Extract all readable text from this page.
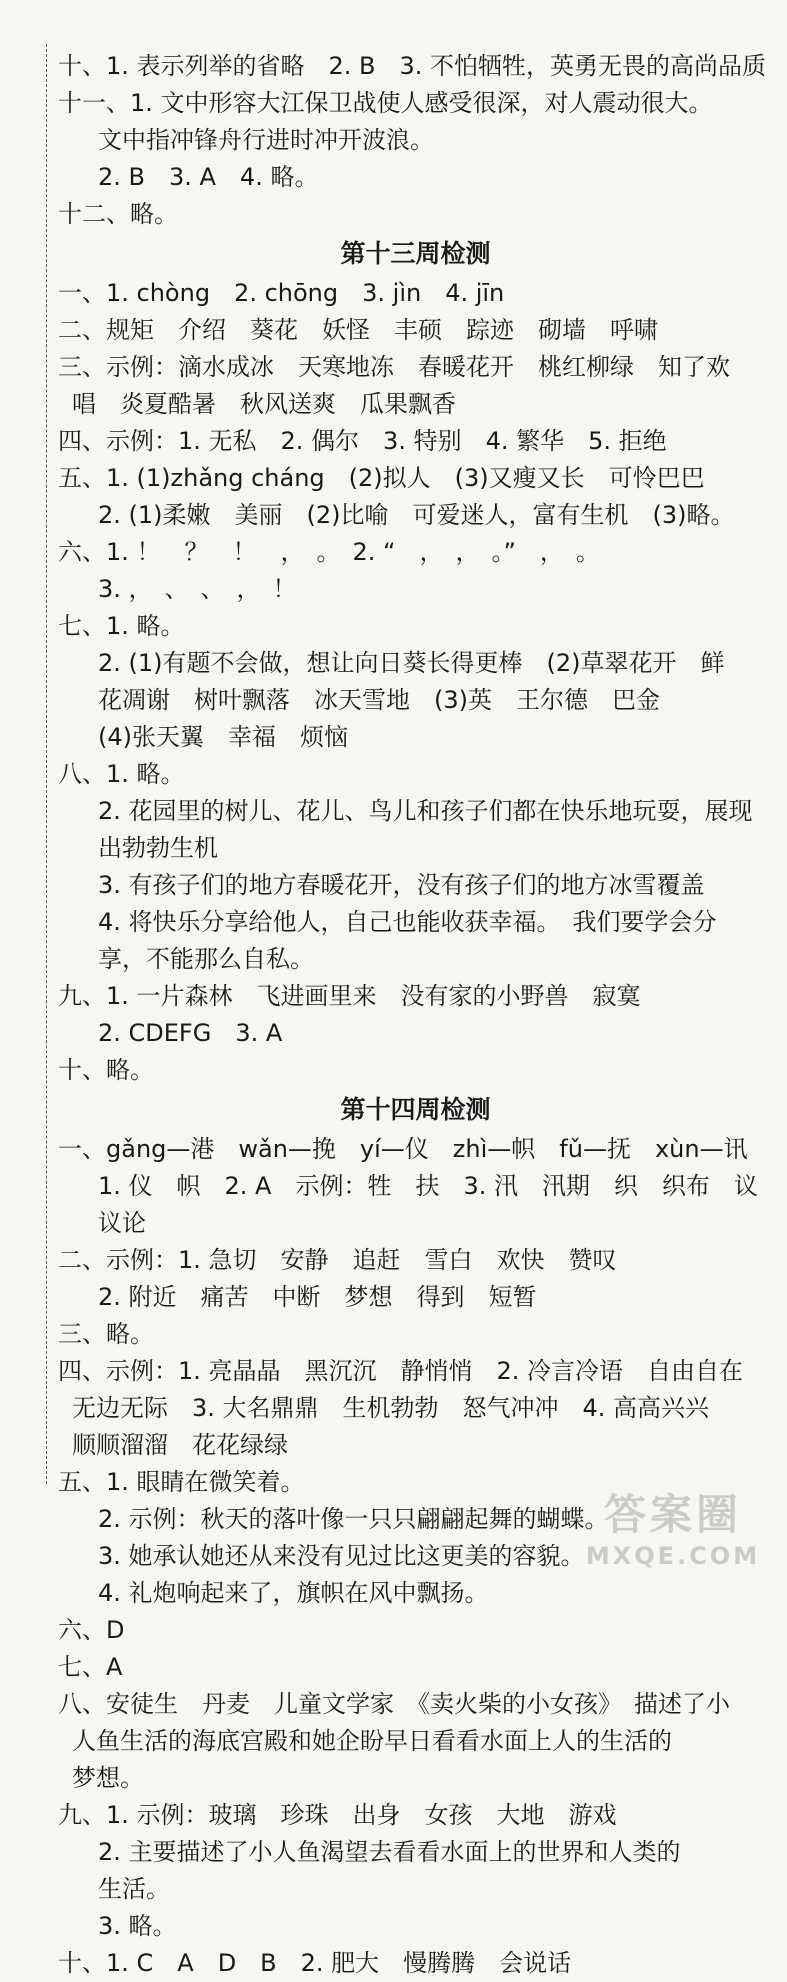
十、1. 表示列举的省略　2. B　3. 不怕牺牲，英勇无畏的高尚品质
十一、1. 文中形容大江保卫战使人感受很深，对人震动很大。
文中指冲锋舟行进时冲开波浪。
2. B　3. A　4. 略。
十二、略。
第十三周检测
一、1. chòng　2. chōng　3. jìn　4. jīn
二、规矩　介绍　葵花　妖怪　丰硕　踪迹　砌墙　呼啸
三、示例：滴水成冰　天寒地冻　春暖花开　桃红柳绿　知了欢
唱　炎夏酷暑　秋风送爽　瓜果飘香
四、示例：1. 无私　2. 偶尔　3. 特别　4. 繁华　5. 拒绝
五、1. (1)zhǎng cháng　(2)拟人　(3)又瘦又长　可怜巴巴
2. (1)柔嫩　美丽　(2)比喻　可爱迷人，富有生机　(3)略。
六、1. ！　？　！　，　。　2. “　，　，　。”　，　。
3. ，　、　、　，　！
七、1. 略。
2. (1)有题不会做，想让向日葵长得更棒　(2)草翠花开　鲜
花凋谢　树叶飘落　冰天雪地　(3)英　王尔德　巴金
(4)张天翼　幸福　烦恼
八、1. 略。
2. 花园里的树儿、花儿、鸟儿和孩子们都在快乐地玩耍，展现
出勃勃生机
3. 有孩子们的地方春暖花开，没有孩子们的地方冰雪覆盖
4. 将快乐分享给他人，自己也能收获幸福。　我们要学会分
享，不能那么自私。
九、1. 一片森林　飞进画里来　没有家的小野兽　寂寞
2. CDEFG　3. A
十、略。
第十四周检测
一、gǎng—港　wǎn—挽　yí—仪　zhì—帜　fǔ—抚　xùn—讯
1. 仪　帜　2. A　示例：牲　扶　3. 汛　汛期　织　织布　议
议论
二、示例：1. 急切　安静　追赶　雪白　欢快　赞叹
2. 附近　痛苦　中断　梦想　得到　短暂
三、略。
四、示例：1. 亮晶晶　黑沉沉　静悄悄　2. 冷言冷语　自由自在
无边无际　3. 大名鼎鼎　生机勃勃　怒气冲冲　4. 高高兴兴
顺顺溜溜　花花绿绿
五、1. 眼睛在微笑着。
2. 示例：秋天的落叶像一只只翩翩起舞的蝴蝶。
3. 她承认她还从来没有见过比这更美的容貌。
4. 礼炮响起来了，旗帜在风中飘扬。
六、D
七、A
八、安徒生　丹麦　儿童文学家　《卖火柴的小女孩》　描述了小
人鱼生活的海底宫殿和她企盼早日看看水面上人的生活的
梦想。
九、1. 示例：玻璃　珍珠　出身　女孩　大地　游戏
2. 主要描述了小人鱼渴望去看看水面上的世界和人类的
生活。
3. 略。
十、1. C　A　D　B　2. 肥大　慢腾腾　会说话
答案圈
MXQE.COM
